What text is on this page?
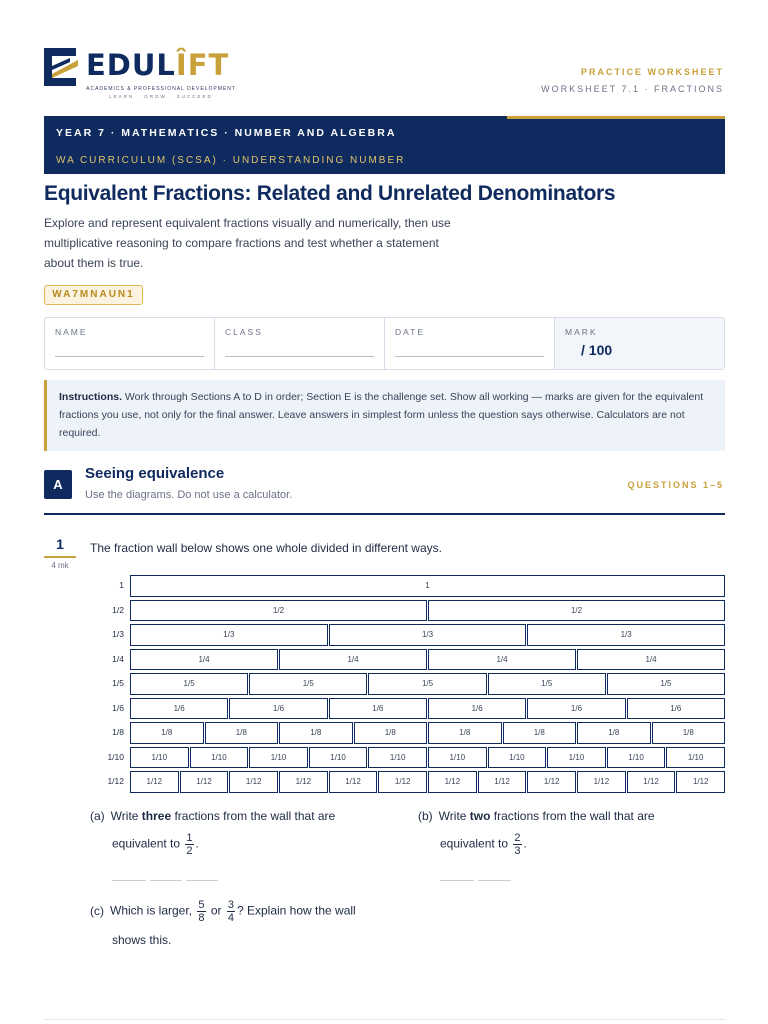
EDULÎFT
ACADEMICS & PROFESSIONAL DEVELOPMENT
LEARN · GROW · SUCCEED
PRACTICE WORKSHEET
WORKSHEET 7.1 · FRACTIONS
YEAR 7 · MATHEMATICS · NUMBER AND ALGEBRA
WA CURRICULUM (SCSA) · UNDERSTANDING NUMBER
Equivalent Fractions: Related and Unrelated Denominators
Explore and represent equivalent fractions visually and numerically, then use multiplicative reasoning to compare fractions and test whether a statement about them is true.
WA7MNAUN1
NAME	CLASS	DATE	MARK
/ 100
Instructions. Work through Sections A to D in order; Section E is the challenge set. Show all working — marks are given for the equivalent fractions you use, not only for the final answer. Leave answers in simplest form unless the question says otherwise. Calculators are not required.
A
Seeing equivalence
Use the diagrams. Do not use a calculator.
QUESTIONS 1–5
1
4 mk
The fraction wall below shows one whole divided in different ways.
1	1
1/2	1/2	1/2
1/3	1/3	1/3	1/3
1/4	1/4	1/4	1/4	1/4
1/5	1/5	1/5	1/5	1/5	1/5
1/6	1/6	1/6	1/6	1/6	1/6	1/6
1/8	1/8	1/8	1/8	1/8	1/8	1/8	1/8	1/8
1/10	1/10	1/10	1/10	1/10	1/10	1/10	1/10	1/10	1/10	1/10
1/12	1/12	1/12	1/12	1/12	1/12	1/12	1/12	1/12	1/12	1/12	1/12	1/12
(a) Write three fractions from the wall that are
equivalent to $\frac{1}{2}$ .
(b) Write two fractions from the wall that are
equivalent to $\frac{2}{3}$ .
(c) Which is larger, $\frac{5}{8}$ or $\frac{3}{4}$ ? Explain how the wall
shows this.
